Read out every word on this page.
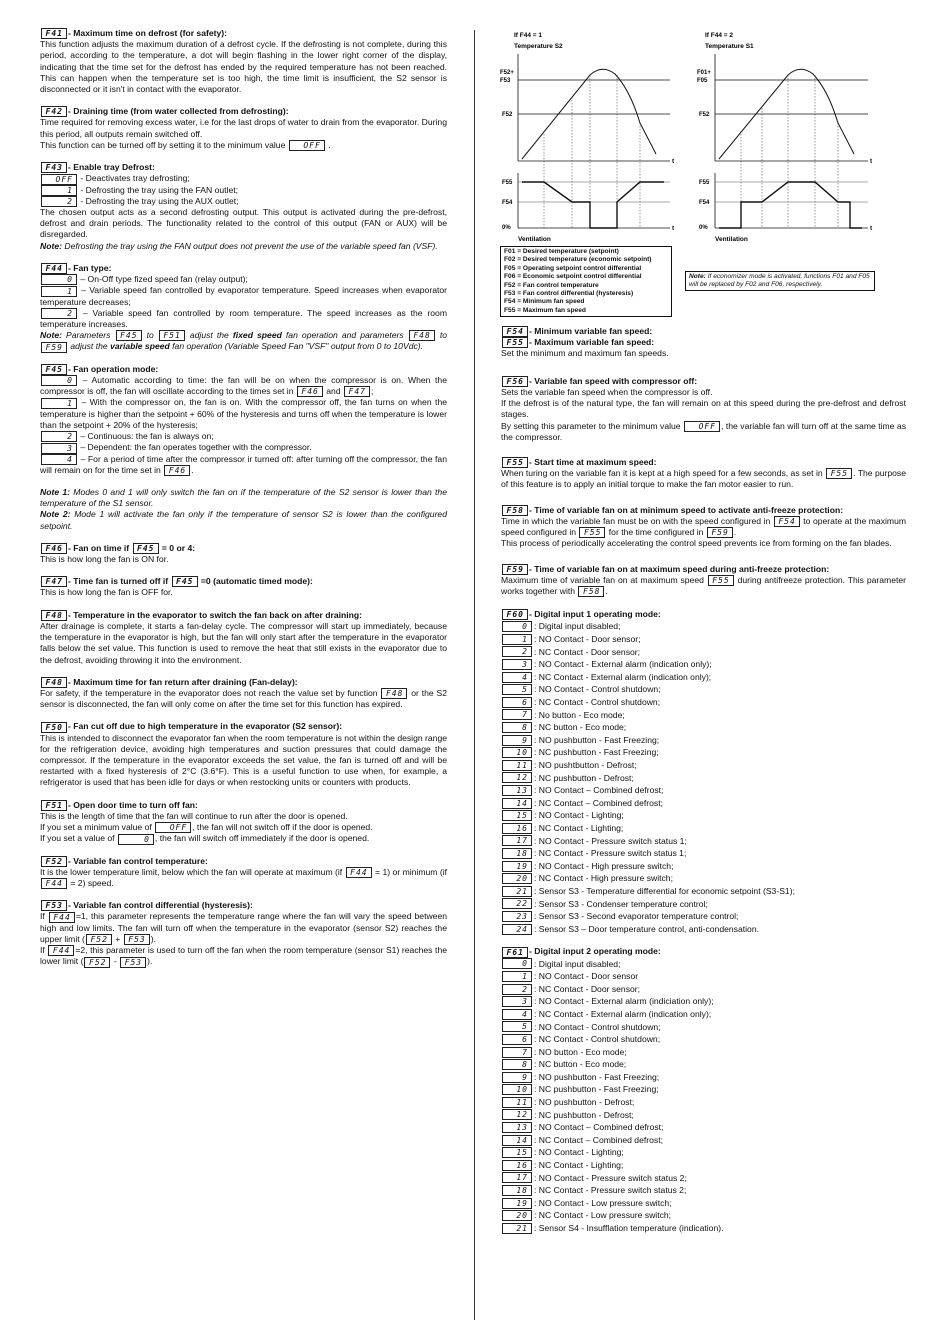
F41 - Maximum time on defrost (for safety):
This function adjusts the maximum duration of a defrost cycle. If the defrosting is not complete, during this period, according to the temperature, a dot will begin flashing in the lower right corner of the display, indicating that the time set for the defrost has ended by the required temperature has not been reached. This can happen when the temperature set is too high, the time limit is insufficient, the S2 sensor is disconnected or it isn't in contact with the evaporator.
F42 - Draining time (from water collected from defrosting):
Time required for removing excess water, i.e for the last drops of water to drain from the evaporator. During this period, all outputs remain switched off.
This function can be turned off by setting it to the minimum value OFF .
F43 - Enable tray Defrost:
OFF - Deactivates tray defrosting;
1 - Defrosting the tray using the FAN outlet;
2 - Defrosting the tray using the AUX outlet;
The chosen output acts as a second defrosting output. This output is activated during the pre-defrost, defrost and drain periods. The functionality related to the control of this output (FAN or AUX) will be disregarded.
Note: Defrosting the tray using the FAN output does not prevent the use of the variable speed fan (VSF).
F44 - Fan type:
0 – On-Off type fized speed fan (relay output);
1 – Variable speed fan controlled by evaporator temperature. Speed increases when evaporator temperature decreases;
2 – Variable speed fan controlled by room temperature. The speed increases as the room temperature increases.
Note: Parameters F45 to F51 adjust the fixed speed fan operation and parameters F48 to F59 adjust the variable speed fan operation (Variable Speed Fan "VSF" output from 0 to 10Vdc).
F45 - Fan operation mode:
0 – Automatic according to time: the fan will be on when the compressor is on. When the compressor is off, the fan will oscillate according to the times set in F46 and F47 ;
1 – With the compressor on, the fan is on. With the compressor off, the fan turns on when the temperature is higher than the setpoint + 60% of the hysteresis and turns off when the temperature is lower than the setpoint + 20% of the hysteresis;
2 – Continuous: the fan is always on;
3 – Dependent: the fan operates together with the compressor.
4 – For a period of time after the compressor ir turned off: after turning off the compressor, the fan will remain on for the time set in F46 .
Note 1: Modes 0 and 1 will only switch the fan on if the temperature of the S2 sensor is lower than the temperature of the S1 sensor.
Note 2: Mode 1 will activate the fan only if the temperature of sensor S2 is lower than the configured setpoint.
F46 - Fan on time if F45 = 0 or 4:
This is how long the fan is ON for.
F47 - Time fan is turned off if F45 =0 (automatic timed mode):
This is how long the fan is OFF for.
F48 - Temperature in the evaporator to switch the fan back on after draining:
After drainage is complete, it starts a fan-delay cycle. The compressor will start up immediately, because the temperature in the evaporator is high, but the fan will only start after the temperature in the evaporator falls below the set value. This function is used to remove the heat that still exists in the evaporator due to the defrost, avoiding throwing it into the environment.
F48 - Maximum time for fan return after draining (Fan-delay):
For safety, if the temperature in the evaporator does not reach the value set by function F48 or the S2 sensor is disconnected, the fan will only come on after the time set for this function has expired.
F50 - Fan cut off due to high temperature in the evaporator (S2 sensor):
This is intended to disconnect the evaporator fan when the room temperature is not within the design range for the refrigeration device, avoiding high temperatures and suction pressures that could damage the compressor. If the temperature in the evaporator exceeds the set value, the fan is turned off and will be restarted with a fixed hysteresis of 2°C (3.6°F). This is a useful function to use when, for example, a refrigerator is used that has been idle for days or when restocking units or counters with products.
F51 - Open door time to turn off fan:
This is the length of time that the fan will continue to run after the door is opened.
If you set a minimum value of OFF , the fan will not switch off if the door is opened.
If you set a value of	0 , the fan will switch off immediately if the door is opened.
F52 - Variable fan control temperature:
It is the lower temperature limit, below which the fan will operate at maximum (if F44 = 1) or minimum (if F44 = 2) speed.
F53 - Variable fan control differential (hysteresis):
If F44 =1, this parameter represents the temperature range where the fan will vary the speed between high and low limits. The fan will turn off when the temperature in the evaporator (sensor S2) reaches the upper limit ( F52 + F53 ).
If F44 =2, this parameter is used to turn off the fan when the room temperature (sensor S1) reaches the lower limit ( F52 - F53 ).
If F44 = 1
Temperature S2
t
F52+
F53
F52
F55
F54
0%	t
Ventilation
If F44 = 2
Temperature S1
t
F01+
F05
F52
F55
F54
0%	t
Ventilation
F01 = Desired temperature (setpoint)
F02 = Desired temperature (economic setpoint)
F05 = Operating setpoint control differential
F06 = Economic setpoint control differential
F52 = Fan control temperature
F53 = Fan control differential (hysteresis)
F54 = Minimum fan speed
F55 = Maximum fan speed
Note: If economizer mode is activated, functions F01 and F05 will be replaced by F02 and F06, respectively.
F54 - Minimum variable fan speed:
F55 - Maximum variable fan speed:
Set the minimum and maximum fan speeds.
F56 - Variable fan speed with compressor off:
Sets the variable fan speed when the compressor is off.
If the defrost is of the natural type, the fan will remain on at this speed during the pre-defrost and defrost stages.
By setting this parameter to the minimum value OFF , the variable fan will turn off at the same time as the compressor.
F55 - Start time at maximum speed:
When turing on the variable fan it is kept at a high speed for a few seconds, as set in F55 . The purpose of this feature is to apply an initial torque to make the fan motor easier to run.
F58 - Time of variable fan on at minimum speed to activate anti-freeze protection:
Time in which the variable fan must be on with the speed configured in F54 to operate at the maximum speed configured in F55 for the time configured in F59 .
This process of periodically accelerating the control speed prevents ice from forming on the fan blades.
F59 - Time of variable fan on at maximum speed during anti-freeze protection:
Maximum time of variable fan on at maximum speed F55 during antifreeze protection. This parameter works together with F58 .
F60 - Digital input 1 operating mode:
0 : Digital input disabled;
1 : NO Contact - Door sensor;
2 : NC Contact - Door sensor;
3 : NO Contact - External alarm (indication only);
4 : NC Contact - External alarm (indication only);
5 : NO Contact - Control shutdown;
6 : NC Contact - Control shutdown;
7 : No button - Eco mode;
8 : NC button - Eco mode;
9 : NO pushbutton - Fast Freezing;
10 : NC pushbutton - Fast Freezing;
11 : NO pushtbutton - Defrost;
12 : NC pushbutton - Defrost;
13 : NO Contact – Combined defrost;
14 : NC Contact – Combined defrost;
15 : NO Contact - Lighting;
16 : NC Contact - Lighting;
17 : NO Contact - Pressure switch status 1;
18 : NC Contact - Pressure switch status 1;
19 : NO Contact - High pressure switch;
20 : NC Contact - High pressure switch;
21 : Sensor S3 - Temperature differential for economic setpoint (S3-S1);
22 : Sensor S3 - Condenser temperature control;
23 : Sensor S3 - Second evaporator temperature control;
24 : Sensor S3 – Door temperature control, anti-condensation.
F61 - Digital input 2 operating mode:
0 : Digital input disabled;
1 : NO Contact - Door sensor
2 : NC Contact - Door sensor;
3 : NO Contact - External alarm (indiciation only);
4 : NC Contact - External alarm (indication only);
5 : NO Contact - Control shutdown;
6 : NC Contact - Control shutdown;
7 : NO button - Eco mode;
8 : NC button - Eco mode;
9 : NO pushbutton - Fast Freezing;
10 : NC pushbutton - Fast Freezing;
11 : NO pushbutton - Defrost;
12 : NC pushbutton - Defrost;
13 : NO Contact – Combined defrost;
14 : NC Contact – Combined defrost;
15 : NO Contact - Lighting;
16 : NC Contact - Lighting;
17 : NO Contact - Pressure switch status 2;
18 : NC Contact - Pressure switch status 2;
19 : NO Contact - Low pressure switch;
20 : NC Contact - Low pressure switch;
21 : Sensor S4 - Insufflation temperature (indication).
